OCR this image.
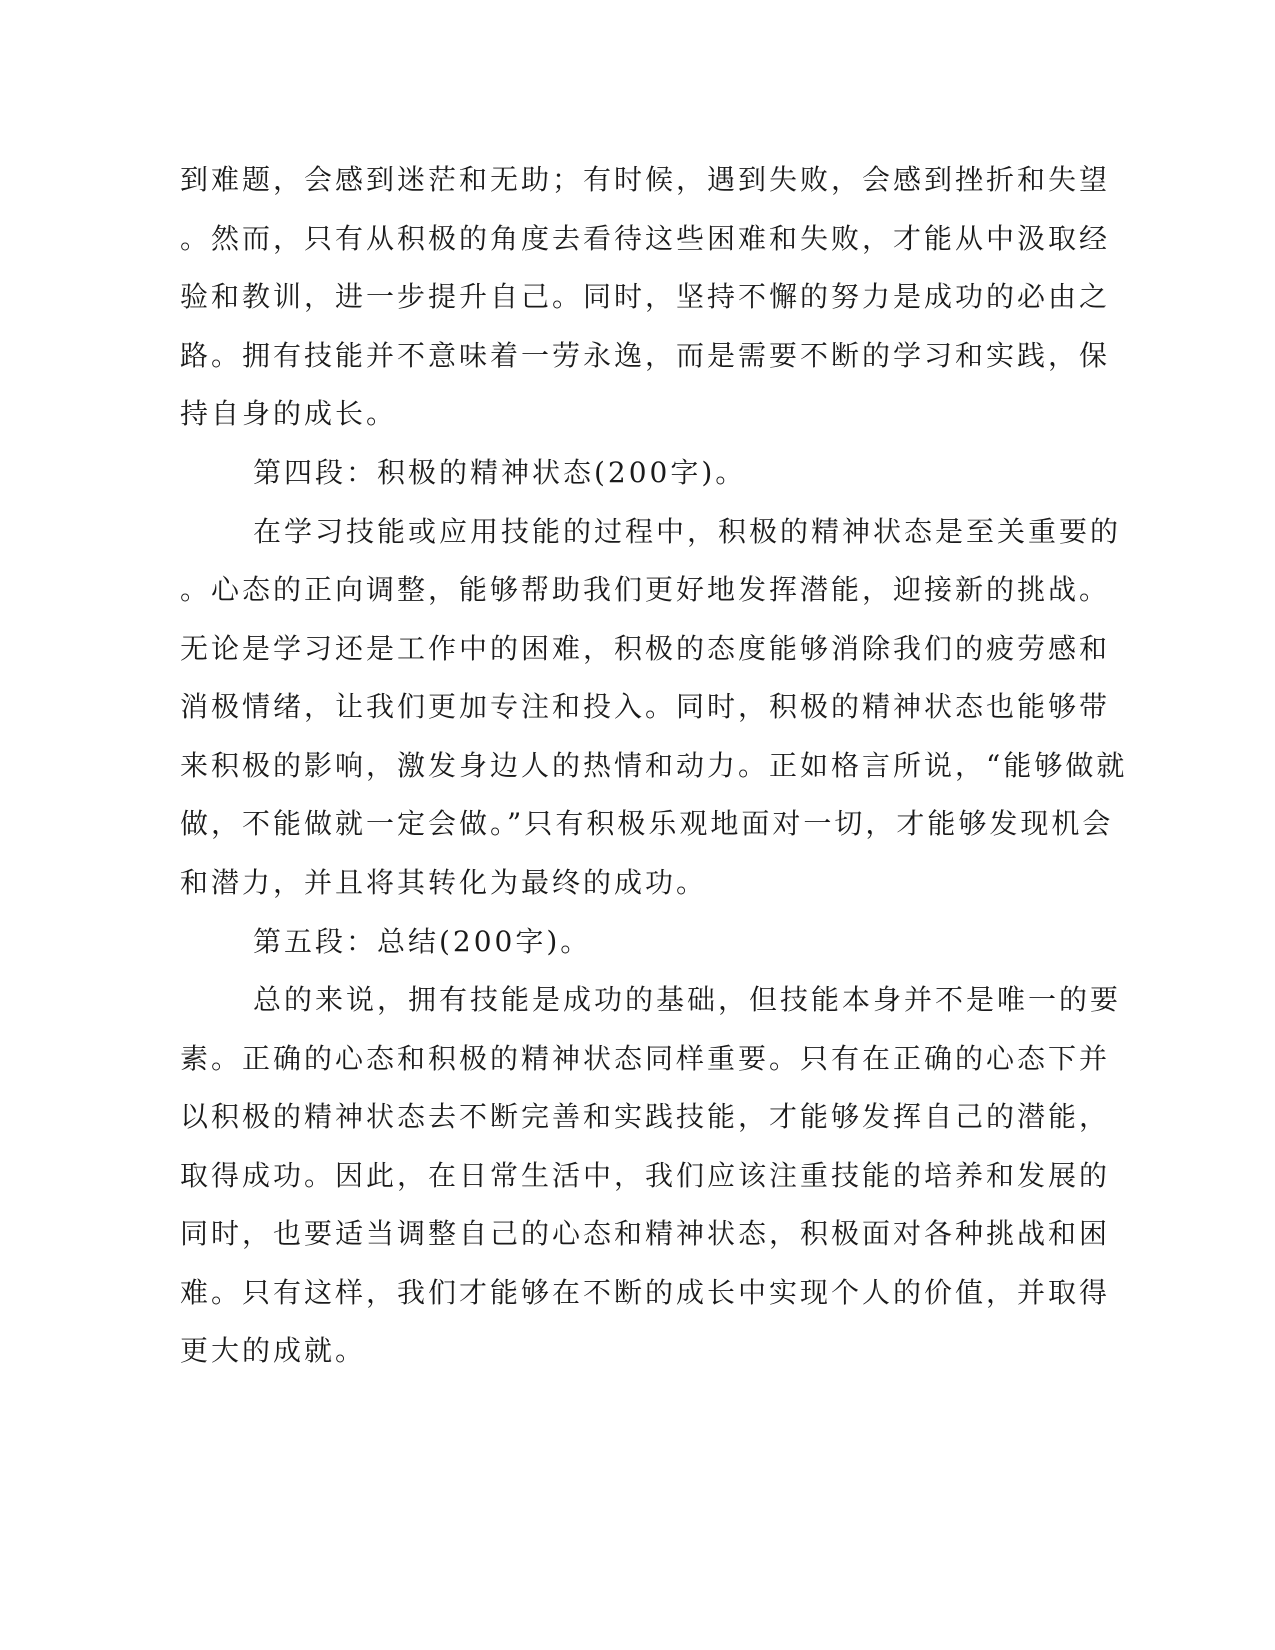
到难题，会感到迷茫和无助；有时候，遇到失败，会感到挫折和失望
。然而，只有从积极的角度去看待这些困难和失败，才能从中汲取经
验和教训，进一步提升自己。同时，坚持不懈的努力是成功的必由之
路。拥有技能并不意味着一劳永逸，而是需要不断的学习和实践，保
持自身的成长。
第四段：积极的精神状态(200字)。
在学习技能或应用技能的过程中，积极的精神状态是至关重要的
。心态的正向调整，能够帮助我们更好地发挥潜能，迎接新的挑战。
无论是学习还是工作中的困难，积极的态度能够消除我们的疲劳感和
消极情绪，让我们更加专注和投入。同时，积极的精神状态也能够带
来积极的影响，激发身边人的热情和动力。正如格言所说，“能够做就
做，不能做就一定会做。”只有积极乐观地面对一切，才能够发现机会
和潜力，并且将其转化为最终的成功。
第五段：总结(200字)。
总的来说，拥有技能是成功的基础，但技能本身并不是唯一的要
素。正确的心态和积极的精神状态同样重要。只有在正确的心态下并
以积极的精神状态去不断完善和实践技能，才能够发挥自己的潜能，
取得成功。因此，在日常生活中，我们应该注重技能的培养和发展的
同时，也要适当调整自己的心态和精神状态，积极面对各种挑战和困
难。只有这样，我们才能够在不断的成长中实现个人的价值，并取得
更大的成就。
